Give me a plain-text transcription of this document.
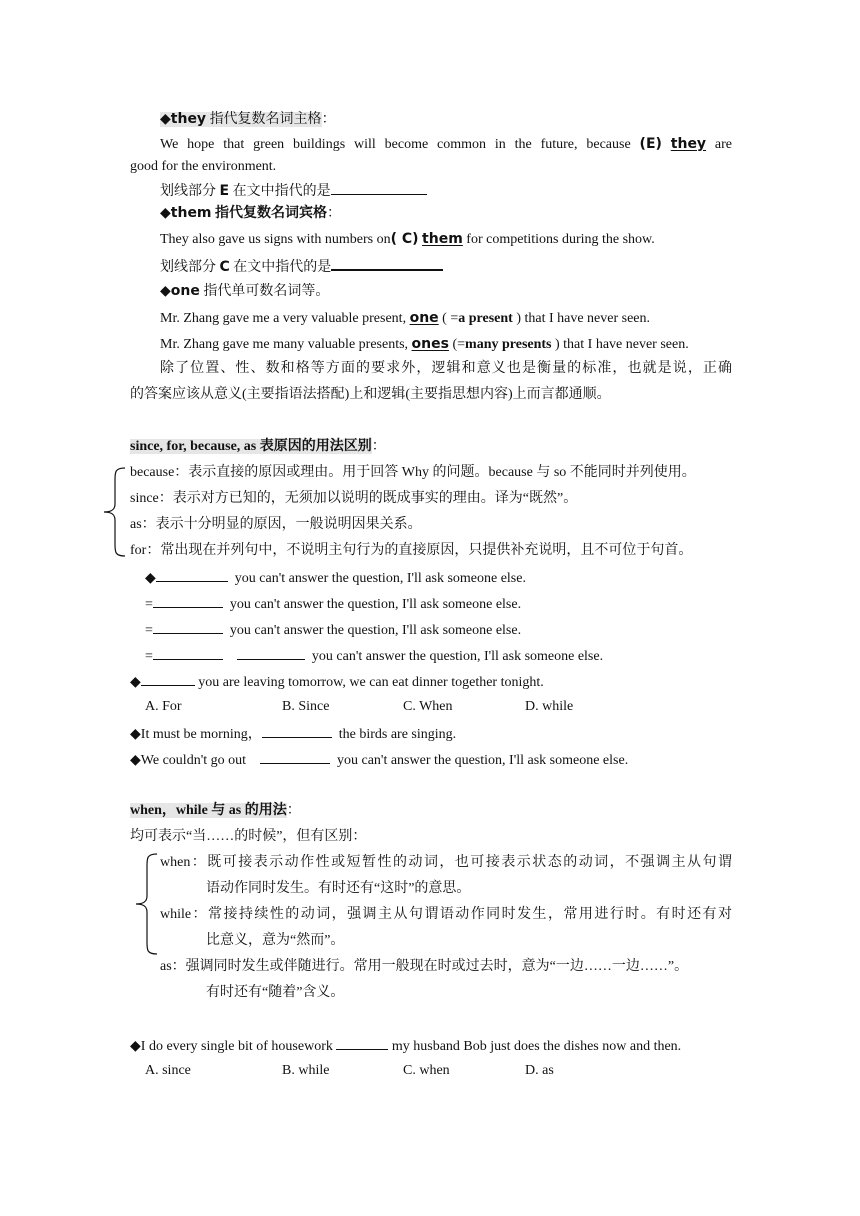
◆they 指代复数名词主格：
We hope that green buildings will become common in the future, because (E) they are
good for the environment.
划线部分 E 在文中指代的是
◆them 指代复数名词宾格：
They also gave us signs with numbers on( C) them for competitions during the show.
划线部分 C 在文中指代的是
◆one 指代单可数名词等。
Mr. Zhang gave me a very valuable present, one ( =a present ) that I have never seen.
Mr. Zhang gave me many valuable presents, ones (=many presents ) that I have never seen.
除了位置、性、数和格等方面的要求外，逻辑和意义也是衡量的标准，也就是说，正确
的答案应该从意义(主要指语法搭配)上和逻辑(主要指思想内容)上而言都通顺。
since, for, because, as 表原因的用法区别：
because：表示直接的原因或理由。用于回答 Why 的问题。because 与 so 不能同时并列使用。
since：表示对方已知的，无须加以说明的既成事实的理由。译为“既然”。
as：表示十分明显的原因，一般说明因果关系。
for：常出现在并列句中，不说明主句行为的直接原因，只提供补充说明，且不可位于句首。
◆	you can't answer the question, I'll ask someone else.
=	you can't answer the question, I'll ask someone else.
=	you can't answer the question, I'll ask someone else.
=	you can't answer the question, I'll ask someone else.
◆	you are leaving tomorrow, we can eat dinner together tonight.
A. For	B. Since	C. When	D. while
◆It must be morning，	the birds are singing.
◆We couldn't go out	you can't answer the question, I'll ask someone else.
when，while 与 as 的用法：
均可表示“当……的时候”，但有区别：
when：既可接表示动作性或短暂性的动词，也可接表示状态的动词，不强调主从句谓
语动作同时发生。有时还有“这时”的意思。
while：常接持续性的动词，强调主从句谓语动作同时发生，常用进行时。有时还有对
比意义，意为“然而”。
as：强调同时发生或伴随进行。常用一般现在时或过去时，意为“一边……一边……”。
有时还有“随着”含义。
◆I do every single bit of housework	my husband Bob just does the dishes now and then.
A. since	B. while	C. when	D. as
